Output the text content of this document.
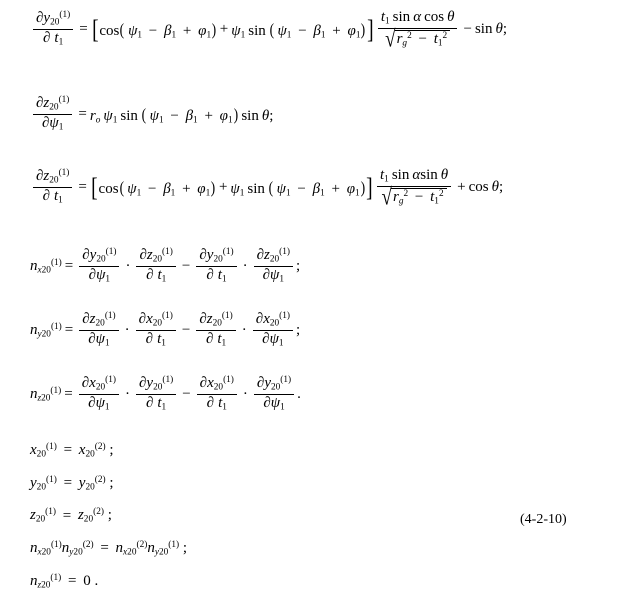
$\frac{\partial y_{20}^{(1)}}{\partial t_1}$ = [ cos(  $\psi_1 - \beta_1 + \varphi_1) + \psi_1$  sin  (  $\psi_1 - \beta_1 + \varphi_1$) ] $\frac{t_1 \sin \alpha \cos \theta}{√ r_g^2 - t_1^2} - \sin \theta$;
$\frac{\partial z_{20}^{(1)}}{\partial\psi_1} = r_o$  $\psi_1$  sin  (  $\psi_1 - \beta_1 + \varphi_1$)  sin  θ;
$\frac{\partial z_{20}^{(1)}}{\partial t_1}$ = [ cos(  $\psi_1 - \beta_1 + \varphi_1) + \psi_1$  sin  (  $\psi_1 - \beta_1 + \varphi_1$) ] $\frac{t_1 \sin \alpha\sin \theta}{√ r_g^2 - t_1^2} + \cos \theta$;
$n_{x20}^{(1)} = \frac{\partial y_{20}^{(1)}}{\partial\psi_1} \cdot \frac{\partial z_{20}^{(1)}}{\partial t_1} - \frac{\partial y_{20}^{(1)}}{\partial t_1} \cdot \frac{\partial z_{20}^{(1)}}{\partial\psi_1}$ ;
$n_{y20}^{(1)} = \frac{\partial z_{20}^{(1)}}{\partial\psi_1} \cdot \frac{\partial x_{20}^{(1)}}{\partial t_1} - \frac{\partial z_{20}^{(1)}}{\partial t_1} \cdot \frac{\partial x_{20}^{(1)}}{\partial\psi_1}$ ;
$n_{z20}^{(1)} = \frac{\partial x_{20}^{(1)}}{\partial\psi_1} \cdot \frac{\partial y_{20}^{(1)}}{\partial t_1} - \frac{\partial x_{20}^{(1)}}{\partial t_1} \cdot \frac{\partial y_{20}^{(1)}}{\partial\psi_1}$ .
$x_{20}^{(1)} = x_{20}^{(2)}$ ;
$y_{20}^{(1)} = y_{20}^{(2)}$ ;
$z_{20}^{(1)} = z_{20}^{(2)}$ ;
$n_{x20}^{(1)}n_{y20}^{(2)} = n_{x20}^{(2)}n_{y20}^{(1)}$ ;
$n_{z20}^{(1)} = 0$ .
(4-2-10)
